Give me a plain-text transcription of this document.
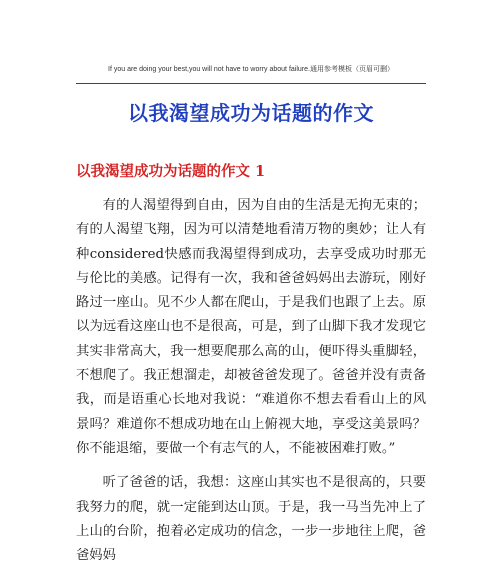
If you are doing your best,you will not have to worry about failure.通用参考模板（页眉可删）
以我渴望成功为话题的作文
以我渴望成功为话题的作文 1

有的人渴望得到自由，因为自由的生活是无拘无束的；有的人渴望飞翔，因为可以清楚地看清万物的奥妙；让人有种considered快感而我渴望得到成功，去享受成功时那无与伦比的美感。记得有一次，我和爸爸妈妈出去游玩，刚好路过一座山。见不少人都在爬山，于是我们也跟了上去。原以为远看这座山也不是很高，可是，到了山脚下我才发现它其实非常高大，我一想要爬那么高的山，便吓得头重脚轻，不想爬了。我正想溜走，却被爸爸发现了。爸爸并没有责备我，而是语重心长地对我说：“难道你不想去看看山上的风景吗？难道你不想成功地在山上俯视大地，享受这美景吗？你不能退缩，要做一个有志气的人，不能被困难打败。”

听了爸爸的话，我想：这座山其实也不是很高的，只要我努力的爬，就一定能到达山顶。于是，我一马当先冲上了上山的台阶，抱着必定成功的信念，一步一步地往上爬，爸爸妈妈
